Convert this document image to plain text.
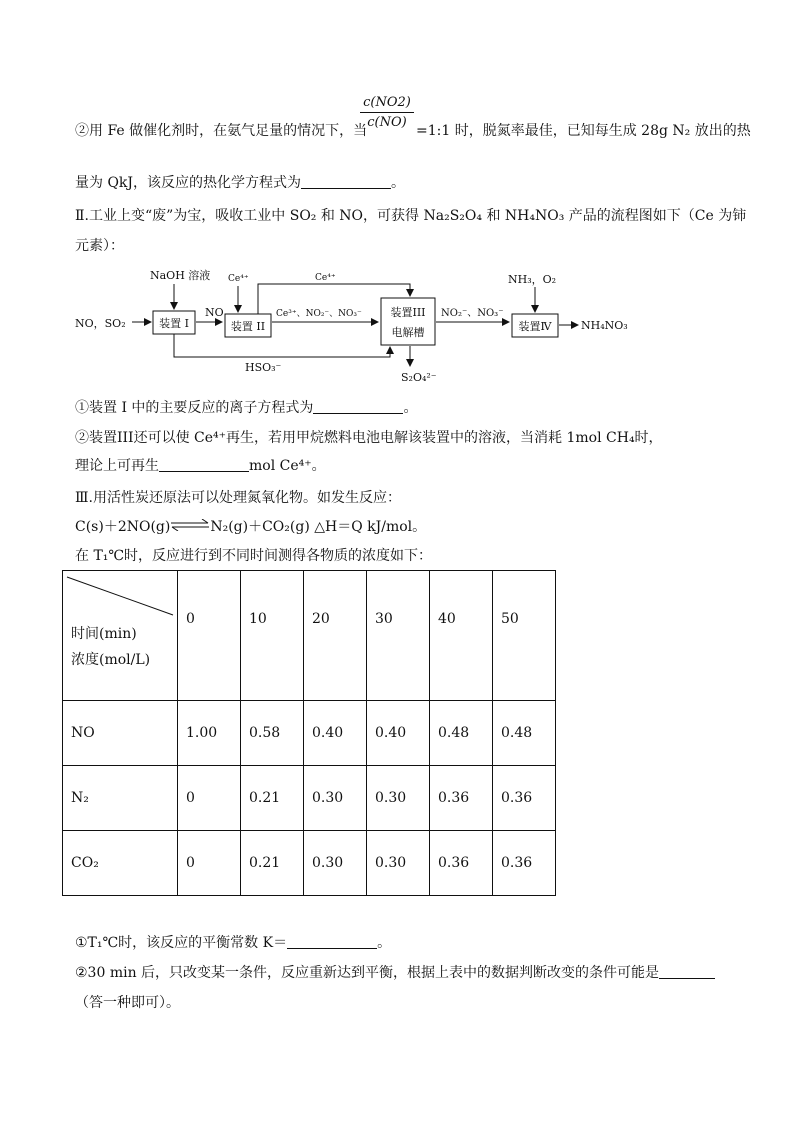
c(NO2)
c(NO)
②用 Fe 做催化剂时，在氨气足量的情况下，当	=1:1 时，脱氮率最佳，已知每生成 28g N₂ 放出的热
量为 QkJ，该反应的热化学方程式为	。
Ⅱ.工业上变“废”为宝，吸收工业中 SO₂ 和 NO，可获得 Na₂S₂O₄ 和 NH₄NO₃ 产品的流程图如下（Ce 为铈
元素）：
NO，SO₂
NaOH 溶液
装置 I
NO
Ce⁴⁺
装置 II
Ce³⁺、NO₂⁻、NO₃⁻
Ce⁴⁺
装置III
电解槽
NO₂⁻、NO₃⁻
NH₃，O₂
装置Ⅳ	NH₄NO₃
HSO₃⁻
S₂O₄²⁻
①装置 I 中的主要反应的离子方程式为	。
②装置III还可以使 Ce⁴⁺再生，若用甲烷燃料电池电解该装置中的溶液，当消耗 1mol CH₄时，
理论上可再生	mol Ce⁴⁺。
Ⅲ.用活性炭还原法可以处理氮氧化物。如发生反应：
C(s)＋2NO(g)⇌N₂(g)＋CO₂(g) △H＝Q kJ/mol。
在 T₁℃时，反应进行到不同时间测得各物质的浓度如下：
时间(min)
浓度(mol/L)	0	10	20	30	40	50
NO	1.00	0.58	0.40	0.40	0.48	0.48
N₂	0	0.21	0.30	0.30	0.36	0.36
CO₂	0	0.21	0.30	0.30	0.36	0.36
①T₁℃时，该反应的平衡常数 K＝	。
②30 min 后，只改变某一条件，反应重新达到平衡，根据上表中的数据判断改变的条件可能是
（答一种即可）。
